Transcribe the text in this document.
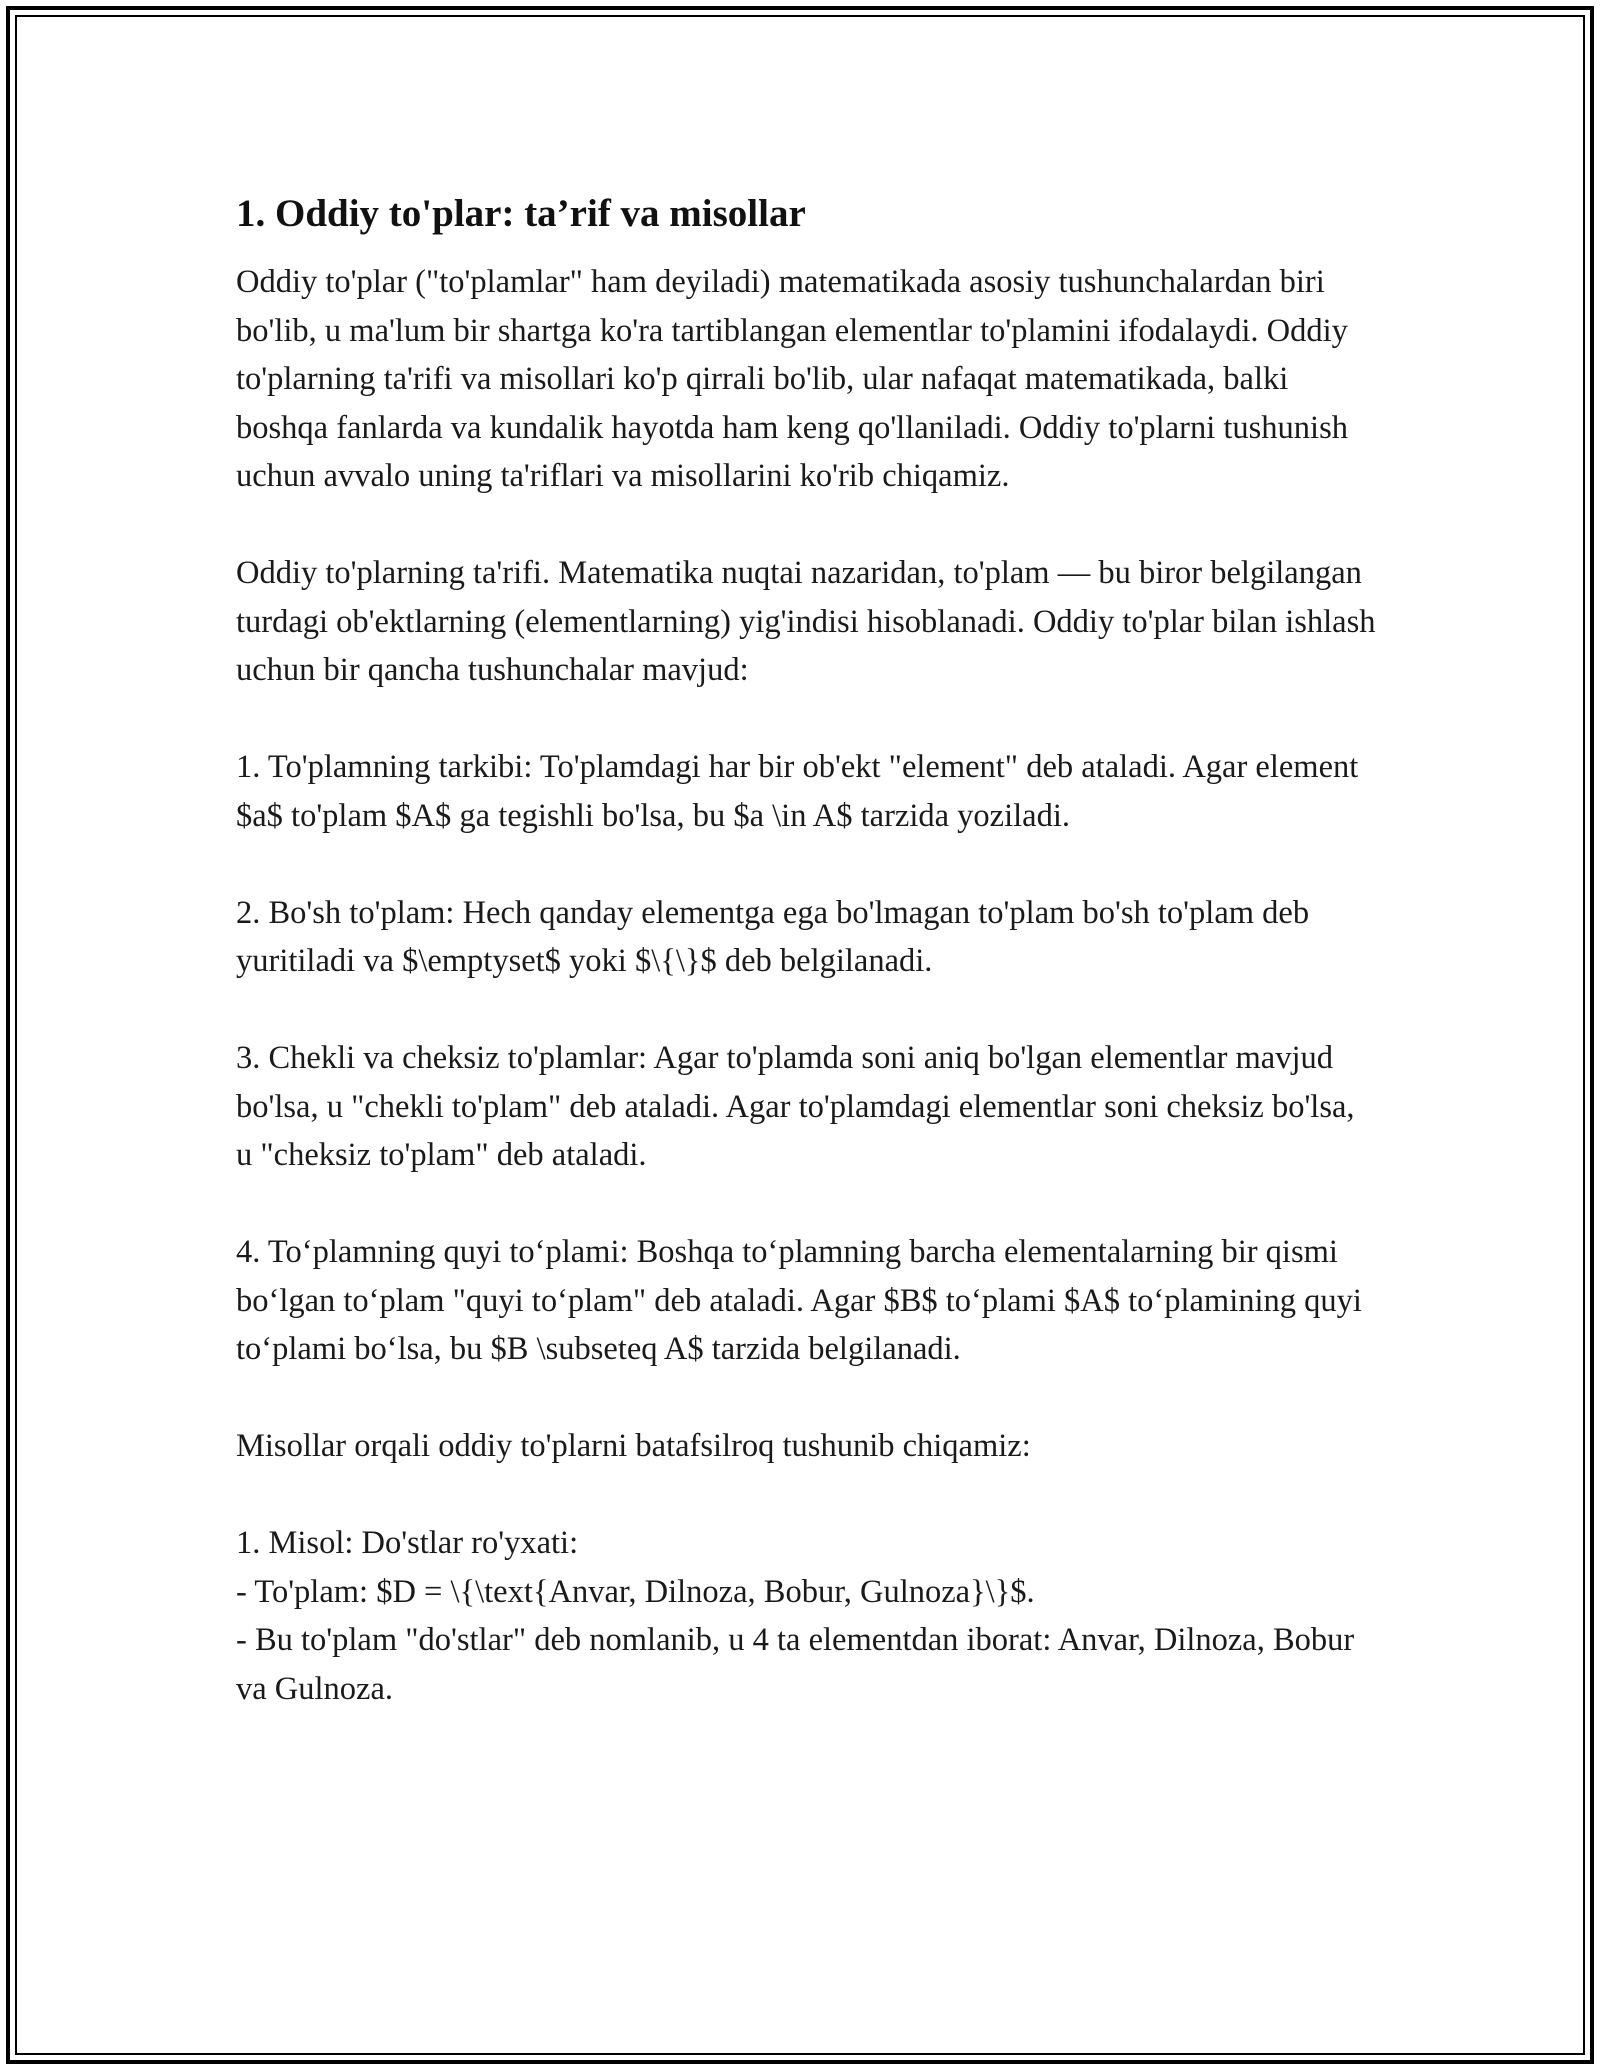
1. Oddiy to'plar: ta’rif va misollar

Oddiy to'plar ("to'plamlar" ham deyiladi) matematikada asosiy tushunchalardan biri bo'lib, u ma'lum bir shartga ko'ra tartiblangan elementlar to'plamini ifodalaydi. Oddiy to'plarning ta'rifi va misollari ko'p qirrali bo'lib, ular nafaqat matematikada, balki boshqa fanlarda va kundalik hayotda ham keng qo'llaniladi. Oddiy to'plarni tushunish uchun avvalo uning ta'riflari va misollarini ko'rib chiqamiz.

Oddiy to'plarning ta'rifi. Matematika nuqtai nazaridan, to'plam — bu biror belgilangan turdagi ob'ektlarning (elementlarning) yig'indisi hisoblanadi. Oddiy to'plar bilan ishlash uchun bir qancha tushunchalar mavjud:

1. To'plamning tarkibi: To'plamdagi har bir ob'ekt "element" deb ataladi. Agar element $a$ to'plam $A$ ga tegishli bo'lsa, bu $a \in A$ tarzida yoziladi.

2. Bo'sh to'plam: Hech qanday elementga ega bo'lmagan to'plam bo'sh to'plam deb yuritiladi va $\emptyset$ yoki $\{\}$ deb belgilanadi.

3. Chekli va cheksiz to'plamlar: Agar to'plamda soni aniq bo'lgan elementlar mavjud bo'lsa, u "chekli to'plam" deb ataladi. Agar to'plamdagi elementlar soni cheksiz bo'lsa, u "cheksiz to'plam" deb ataladi.

4. To‘plamning quyi to‘plami: Boshqa to‘plamning barcha elementalarning bir qismi bo‘lgan to‘plam "quyi to‘plam" deb ataladi. Agar $B$ to‘plami $A$ to‘plamining quyi to‘plami bo‘lsa, bu $B \subseteq A$ tarzida belgilanadi.

Misollar orqali oddiy to'plarni batafsilroq tushunib chiqamiz:

1. Misol: Do'stlar ro'yxati:

- To'plam: $D = \{\text{Anvar, Dilnoza, Bobur, Gulnoza}\}$.

- Bu to'plam "do'stlar" deb nomlanib, u 4 ta elementdan iborat: Anvar, Dilnoza, Bobur va Gulnoza.
